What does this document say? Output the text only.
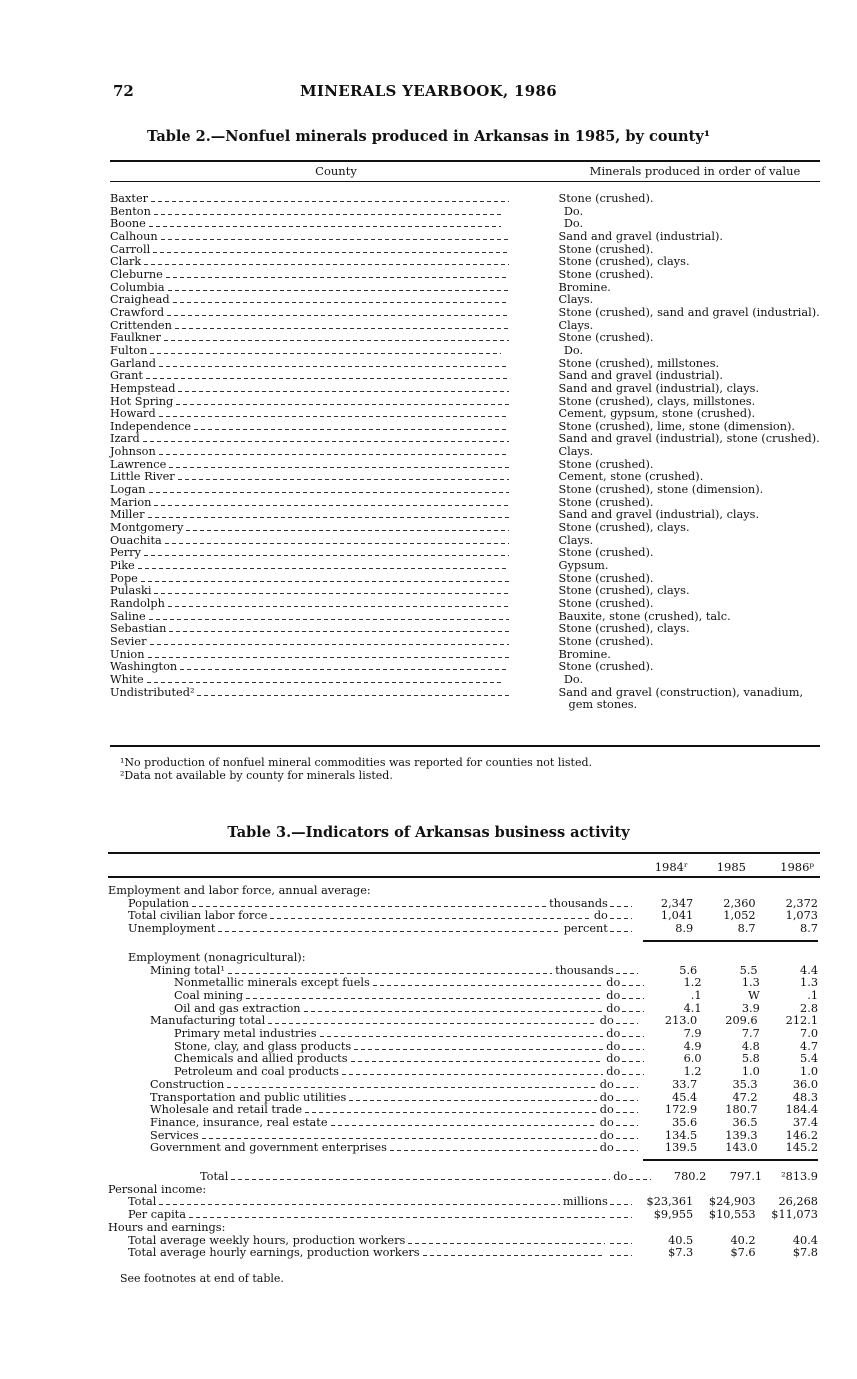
72	MINERALS YEARBOOK, 1986
Table 2.—Nonfuel minerals produced in Arkansas in 1985, by county¹
County	Minerals produced in order of value
Baxter	Stone (crushed).
Benton	Do.
Boone	Do.
Calhoun	Sand and gravel (industrial).
Carroll	Stone (crushed).
Clark	Stone (crushed), clays.
Cleburne	Stone (crushed).
Columbia	Bromine.
Craighead	Clays.
Crawford	Stone (crushed), sand and gravel (industrial).
Crittenden	Clays.
Faulkner	Stone (crushed).
Fulton	Do.
Garland	Stone (crushed), millstones.
Grant	Sand and gravel (industrial).
Hempstead	Sand and gravel (industrial), clays.
Hot Spring	Stone (crushed), clays, millstones.
Howard	Cement, gypsum, stone (crushed).
Independence	Stone (crushed), lime, stone (dimension).
Izard	Sand and gravel (industrial), stone (crushed).
Johnson	Clays.
Lawrence	Stone (crushed).
Little River	Cement, stone (crushed).
Logan	Stone (crushed), stone (dimension).
Marion	Stone (crushed).
Miller	Sand and gravel (industrial), clays.
Montgomery	Stone (crushed), clays.
Ouachita	Clays.
Perry	Stone (crushed).
Pike	Gypsum.
Pope	Stone (crushed).
Pulaski	Stone (crushed), clays.
Randolph	Stone (crushed).
Saline	Bauxite, stone (crushed), talc.
Sebastian	Stone (crushed), clays.
Sevier	Stone (crushed).
Union	Bromine.
Washington	Stone (crushed).
White	Do.
Undistributed²	Sand and gravel (construction), vanadium, gem stones.
¹No production of nonfuel mineral commodities was reported for counties not listed.
²Data not available by county for minerals listed.
Table 3.—Indicators of Arkansas business activity
1984ʳ	1985	1986ᵖ
Employment and labor force, annual average:
Population	thousands	2,347	2,360	2,372
Total civilian labor force	do	1,041	1,052	1,073
Unemployment	percent	8.9	8.7	8.7
Employment (nonagricultural):
Mining total¹	thousands	5.6	5.5	4.4
Nonmetallic minerals except fuels	do	1.2	1.3	1.3
Coal mining	do	.1	W	.1
Oil and gas extraction	do	4.1	3.9	2.8
Manufacturing total	do	213.0	209.6	212.1
Primary metal industries	do	7.9	7.7	7.0
Stone, clay, and glass products	do	4.9	4.8	4.7
Chemicals and allied products	do	6.0	5.8	5.4
Petroleum and coal products	do	1.2	1.0	1.0
Construction	do	33.7	35.3	36.0
Transportation and public utilities	do	45.4	47.2	48.3
Wholesale and retail trade	do	172.9	180.7	184.4
Finance, insurance, real estate	do	35.6	36.5	37.4
Services	do	134.5	139.3	146.2
Government and government enterprises	do	139.5	143.0	145.2
Total	do	780.2	797.1	²813.9
Personal income:
Total	millions	$23,361	$24,903	26,268
Per capita	$9,955	$10,553	$11,073
Hours and earnings:
Total average weekly hours, production workers	40.5	40.2	40.4
Total average hourly earnings, production workers	$7.3	$7.6	$7.8
See footnotes at end of table.
